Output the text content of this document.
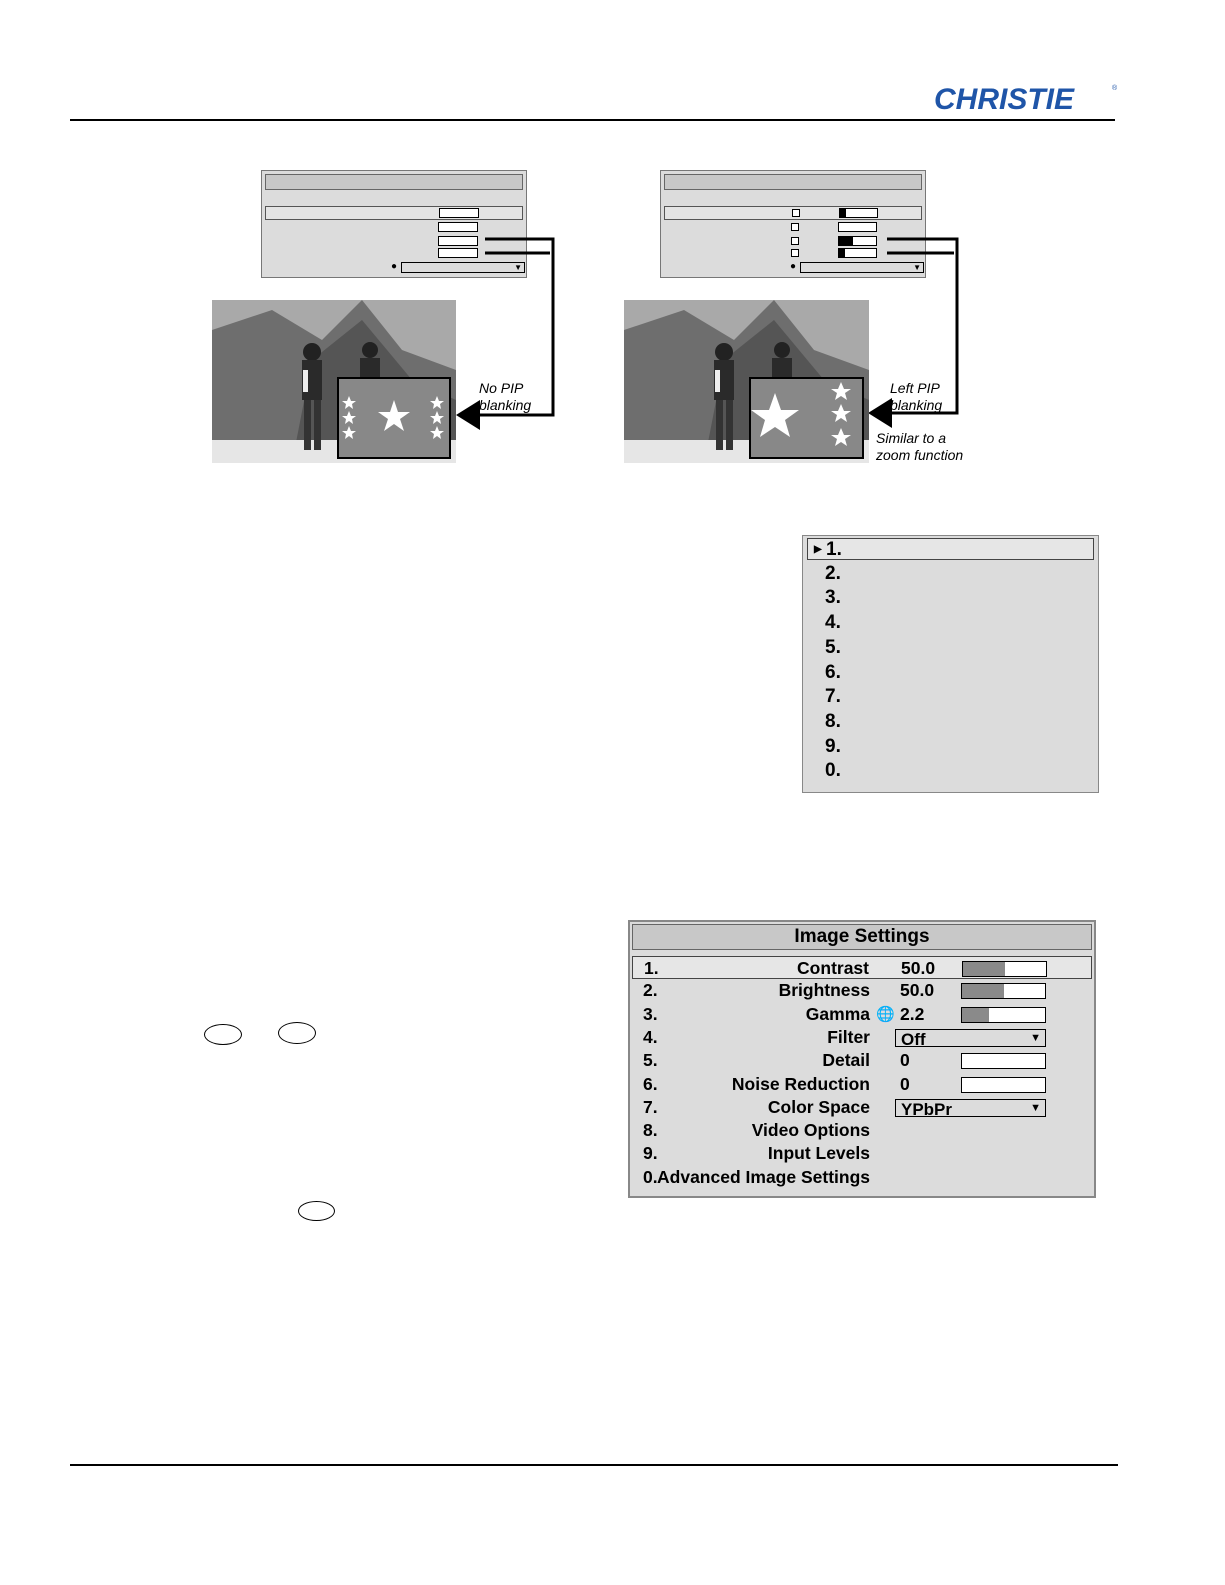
CHRISTIE	®
●	▼	●	▼
No PIP
blanking
Left PIP
blanking
Similar to a
zoom function
▶ 1.
2.
3.
4.
5.
6.
7.
8.
9.
0.
Image Settings
1.	Contrast 50.0
2.	Brightness 50.0
3.	Gamma 🌐 2.2
4.	Filter Off	▼
5.	Detail 0
6.	Noise Reduction 0
7.	Color Space YPbPr	▼
8.	Video Options
9.	Input Levels
0. Advanced Image Settings
